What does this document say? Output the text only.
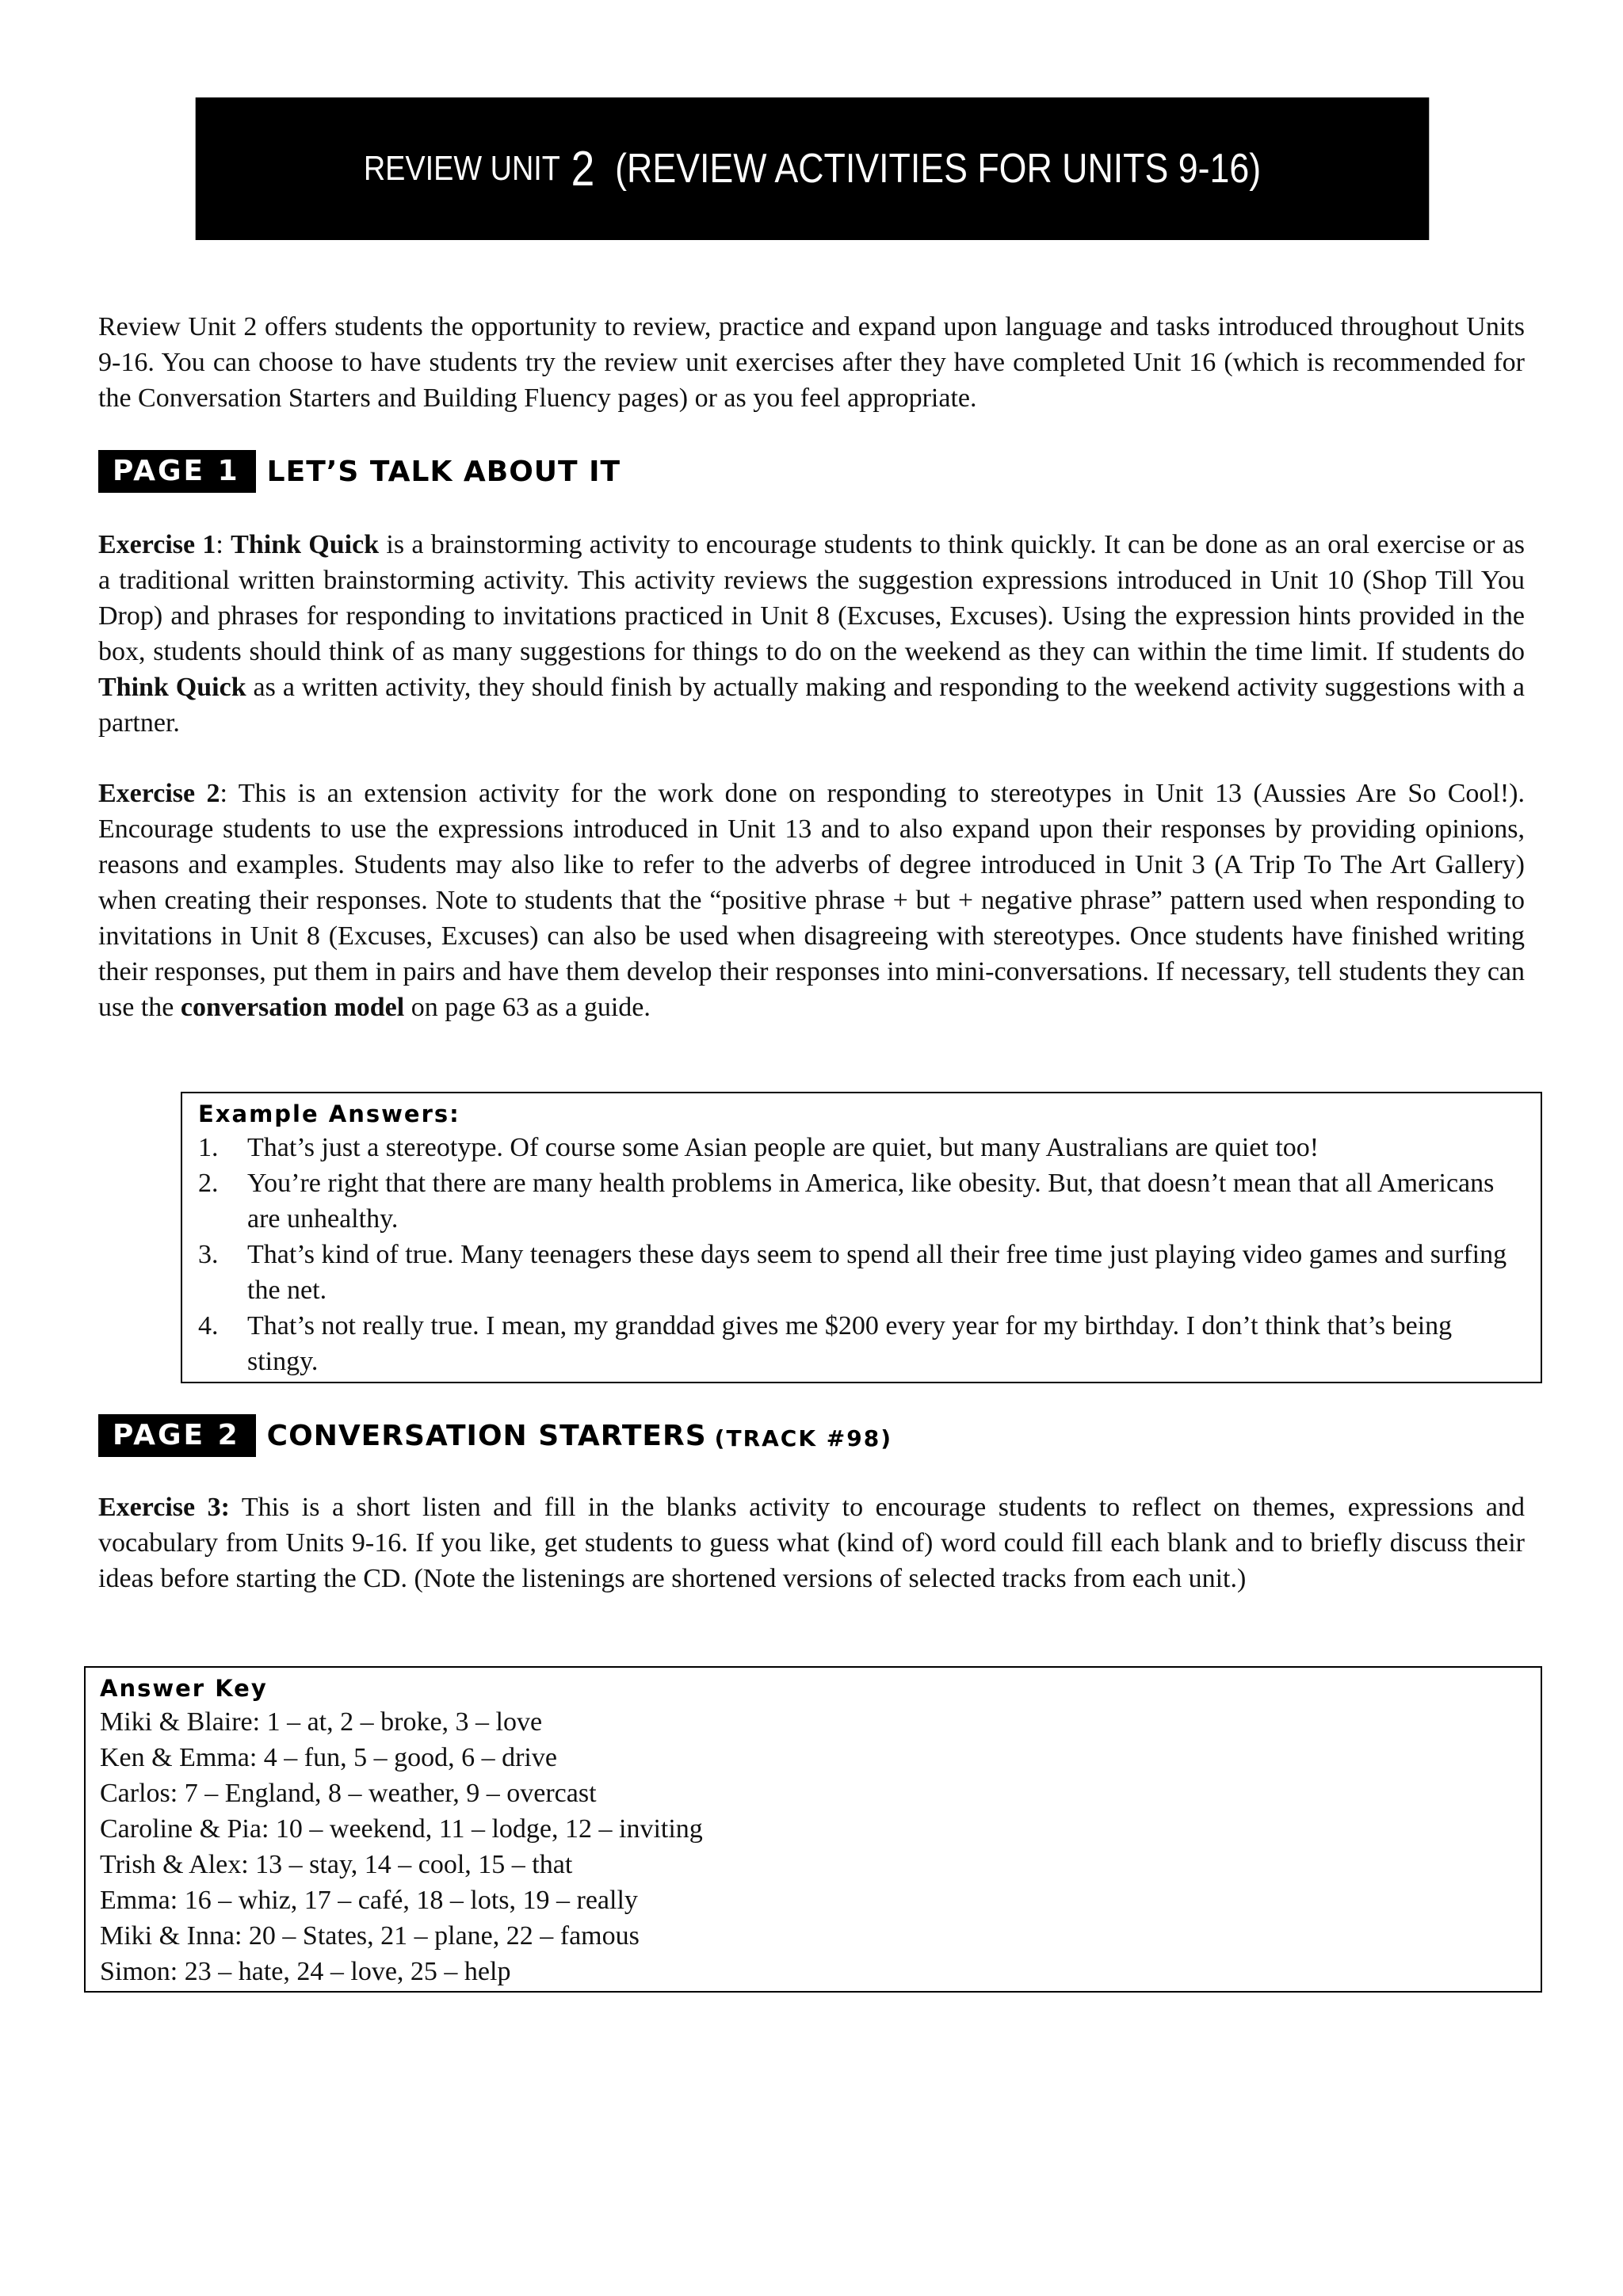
REVIEW UNIT 2 (REVIEW ACTIVITIES FOR UNITS 9-16)

Review Unit 2 offers students the opportunity to review, practice and expand upon language and tasks introduced throughout Units 9-16. You can choose to have students try the review unit exercises after they have completed Unit 16 (which is recommended for the Conversation Starters and Building Fluency pages) or as you feel appropriate.

PAGE 1 LET’S TALK ABOUT IT

Exercise 1: Think Quick is a brainstorming activity to encourage students to think quickly. It can be done as an oral exercise or as a traditional written brainstorming activity. This activity reviews the suggestion expressions introduced in Unit 10 (Shop Till You Drop) and phrases for responding to invitations practiced in Unit 8 (Excuses, Excuses). Using the expression hints provided in the box, students should think of as many suggestions for things to do on the weekend as they can within the time limit. If students do Think Quick as a written activity, they should finish by actually making and responding to the weekend activity suggestions with a partner.

Exercise 2: This is an extension activity for the work done on responding to stereotypes in Unit 13 (Aussies Are So Cool!). Encourage students to use the expressions introduced in Unit 13 and to also expand upon their responses by providing opinions, reasons and examples. Students may also like to refer to the adverbs of degree introduced in Unit 3 (A Trip To The Art Gallery) when creating their responses. Note to students that the “positive phrase + but + negative phrase” pattern used when responding to invitations in Unit 8 (Excuses, Excuses) can also be used when disagreeing with stereotypes. Once students have finished writing their responses, put them in pairs and have them develop their responses into mini-conversations. If necessary, tell students they can use the conversation model on page 63 as a guide.

Example Answers:
1.	That’s just a stereotype. Of course some Asian people are quiet, but many Australians are quiet too!
2.	You’re right that there are many health problems in America, like obesity. But, that doesn’t mean that all Americans are unhealthy.
3.	That’s kind of true. Many teenagers these days seem to spend all their free time just playing video games and surfing the net.
4.	That’s not really true. I mean, my granddad gives me $200 every year for my birthday. I don’t think that’s being stingy.
PAGE 2 CONVERSATION STARTERS (TRACK #98)

Exercise 3: This is a short listen and fill in the blanks activity to encourage students to reflect on themes, expressions and vocabulary from Units 9-16. If you like, get students to guess what (kind of) word could fill each blank and to briefly discuss their ideas before starting the CD. (Note the listenings are shortened versions of selected tracks from each unit.)

Answer Key
Miki & Blaire: 1 – at, 2 – broke, 3 – love
Ken & Emma: 4 – fun, 5 – good, 6 – drive
Carlos: 7 – England, 8 – weather, 9 – overcast
Caroline & Pia: 10 – weekend, 11 – lodge, 12 – inviting
Trish & Alex: 13 – stay, 14 – cool, 15 – that
Emma: 16 – whiz, 17 – café, 18 – lots, 19 – really
Miki & Inna: 20 – States, 21 – plane, 22 – famous
Simon: 23 – hate, 24 – love, 25 – help
